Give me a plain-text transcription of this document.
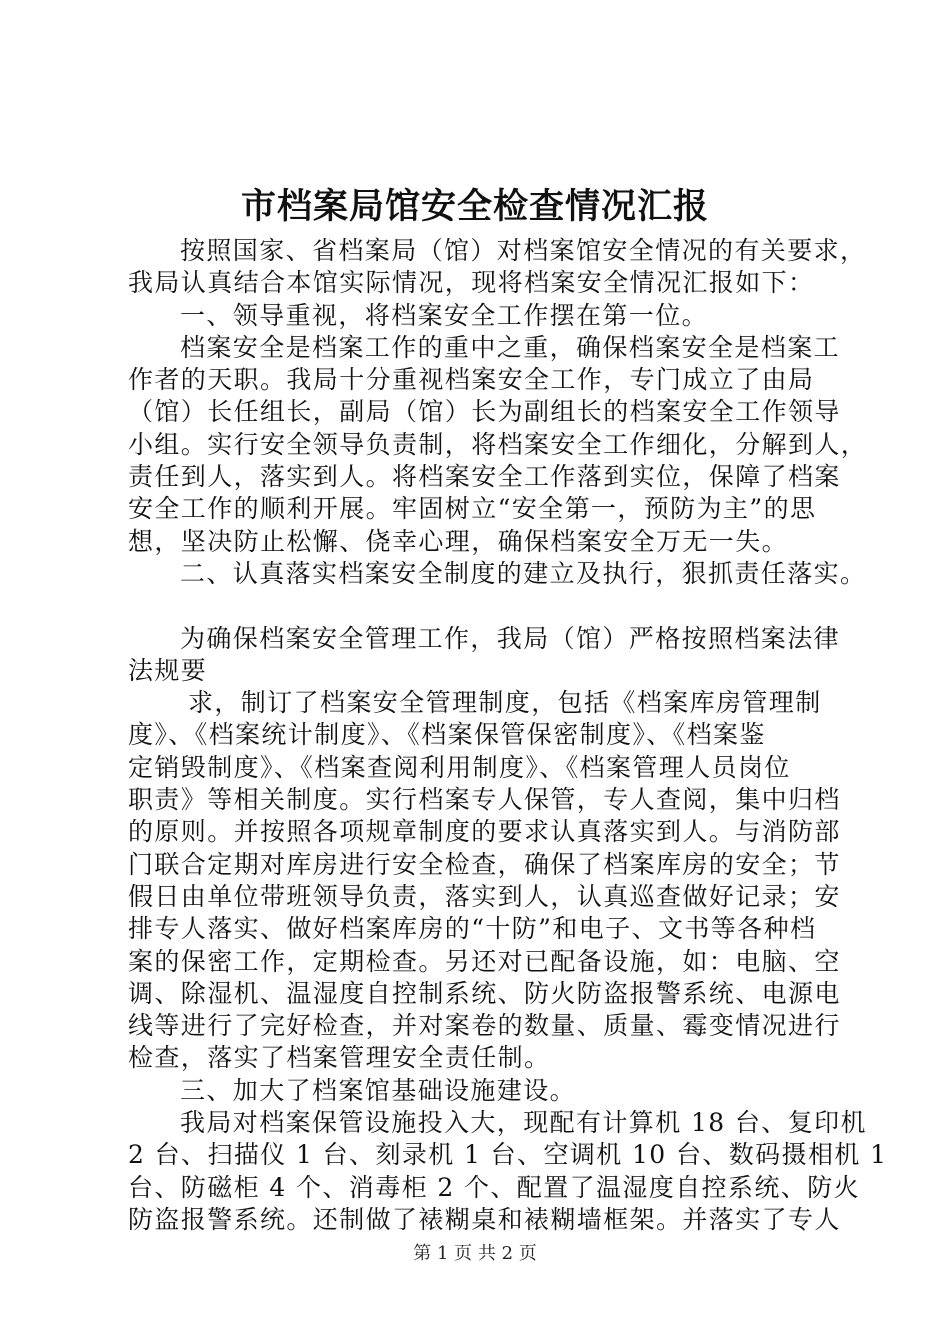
市档案局馆安全检查情况汇报
按照国家、省档案局（馆）对档案馆安全情况的有关要求，
我局认真结合本馆实际情况，现将档案安全情况汇报如下：
一、领导重视，将档案安全工作摆在第一位。
档案安全是档案工作的重中之重，确保档案安全是档案工
作者的天职。我局十分重视档案安全工作，专门成立了由局
（馆）长任组长，副局（馆）长为副组长的档案安全工作领导
小组。实行安全领导负责制，将档案安全工作细化，分解到人，
责任到人，落实到人。将档案安全工作落到实位，保障了档案
安全工作的顺利开展。牢固树立“安全第一，预防为主”的思
想，坚决防止松懈、侥幸心理，确保档案安全万无一失。
二、认真落实档案安全制度的建立及执行，狠抓责任落实。
为确保档案安全管理工作，我局（馆）严格按照档案法律
法规要
求，制订了档案安全管理制度，包括《档案库房管理制
度》、《档案统计制度》、《档案保管保密制度》、《档案鉴
定销毁制度》、《档案查阅利用制度》、《档案管理人员岗位
职责》等相关制度。实行档案专人保管，专人查阅，集中归档
的原则。并按照各项规章制度的要求认真落实到人。与消防部
门联合定期对库房进行安全检查，确保了档案库房的安全；节
假日由单位带班领导负责，落实到人，认真巡查做好记录；安
排专人落实、做好档案库房的“十防”和电子、文书等各种档
案的保密工作，定期检查。另还对已配备设施，如：电脑、空
调、除湿机、温湿度自控制系统、防火防盗报警系统、电源电
线等进行了完好检查，并对案卷的数量、质量、霉变情况进行
检查，落实了档案管理安全责任制。
三、加大了档案馆基础设施建设。
我局对档案保管设施投入大，现配有计算机 18 台、复印机
2 台、扫描仪 1 台、刻录机 1 台、空调机 10 台、数码摄相机 1
台、防磁柜 4 个、消毒柜 2 个、配置了温湿度自控系统、防火
防盗报警系统。还制做了裱糊桌和裱糊墙框架。并落实了专人
第 1 页 共 2 页
